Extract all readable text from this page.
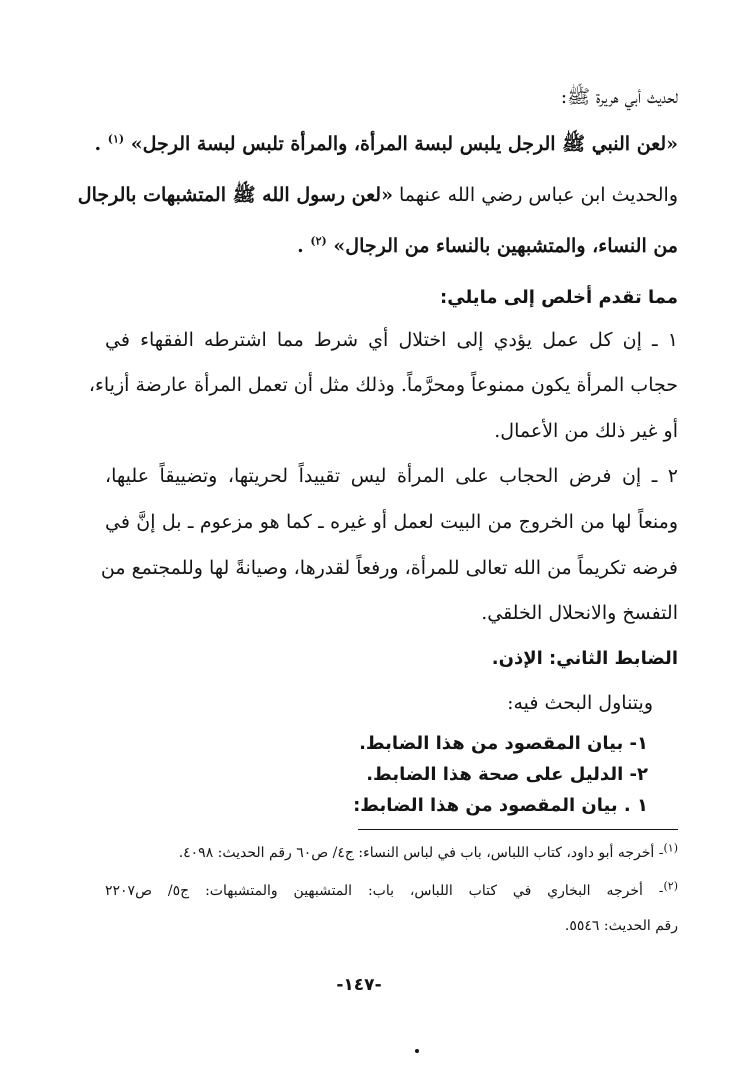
لحديث أبي هريرة ﷺ:
«لعن النبي ﷺ الرجل يلبس لبسة المرأة، والمرأة تلبس لبسة الرجل» $^{(١)}$ .
والحديث ابن عباس رضي الله عنهما «لعن رسول الله ﷺ المتشبهات بالرجال
من النساء، والمتشبهين بالنساء من الرجال» $^{(٢)}$ .
مما تقدم أخلص إلى مايلي:
١ ـ إن كل عمل يؤدي إلى اختلال أي شرط مما اشترطه الفقهاء في
حجاب المرأة يكون ممنوعاً ومحرَّماً. وذلك مثل أن تعمل المرأة عارضة أزياء،
أو غير ذلك من الأعمال.
٢ ـ إن فرض الحجاب على المرأة ليس تقييداً لحريتها، وتضييقاً عليها،
ومنعاً لها من الخروج من البيت لعمل أو غيره ـ كما هو مزعوم ـ بل إنَّ في
فرضه تكريماً من الله تعالى للمرأة، ورفعاً لقدرها، وصيانةً لها وللمجتمع من
التفسخ والانحلال الخلقي.
الضابط الثاني: الإذن.
ويتناول البحث فيه:
١- بيان المقصود من هذا الضابط.
٢- الدليل على صحة هذا الضابط.
١ . بيان المقصود من هذا الضابط:
$^{(١)}$- أخرجه أبو داود، كتاب اللباس، باب في لباس النساء: ج٤/ ص٦٠ رقم الحديث: ٤٠٩٨.
$^{(٢)}$- أخرجه البخاري في كتاب اللباس، باب: المتشبهين والمتشبهات: ج٥/ ص٢٢٠٧
رقم الحديث: ٥٥٤٦.
-١٤٧-
